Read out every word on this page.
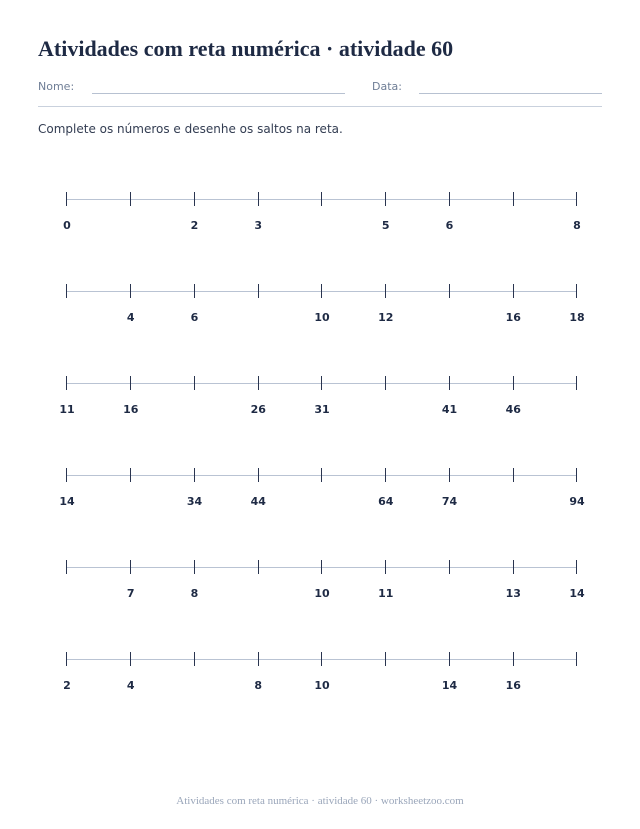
Atividades com reta numérica · atividade 60
Nome:	Data:

Complete os números e desenhe os saltos na reta.

0	2	3	5	6	8
4	6	10	12	16	18
11	16	26	31	41	46
14	34	44	64	74	94
7	8	10	11	13	14
2	4	8	10	14	16
Atividades com reta numérica · atividade 60 · worksheetzoo.com
